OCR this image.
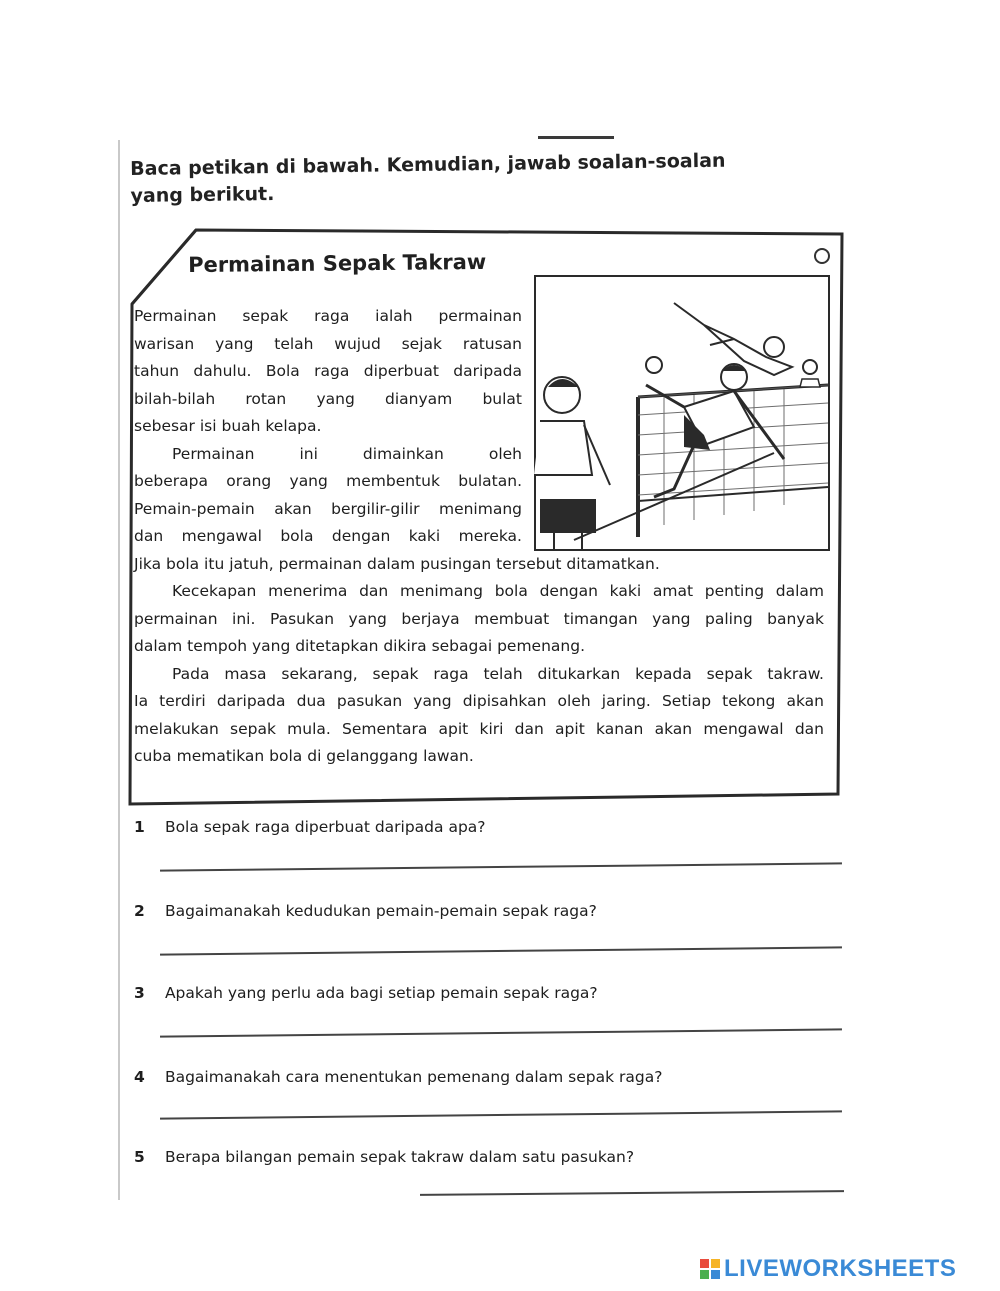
Baca petikan di bawah. Kemudian, jawab soalan-soalan
yang berikut.
Permainan Sepak Takraw
Permainan sepak raga ialah permainan
warisan yang telah wujud sejak ratusan
tahun dahulu. Bola raga diperbuat daripada
bilah-bilah rotan yang dianyam bulat
sebesar isi buah kelapa.
Permainan ini dimainkan oleh
beberapa orang yang membentuk bulatan.
Pemain-pemain akan bergilir-gilir menimang
dan mengawal bola dengan kaki mereka.
Jika bola itu jatuh, permainan dalam pusingan tersebut ditamatkan.
Kecekapan menerima dan menimang bola dengan kaki amat penting dalam
permainan ini. Pasukan yang berjaya membuat timangan yang paling banyak
dalam tempoh yang ditetapkan dikira sebagai pemenang.
Pada masa sekarang, sepak raga telah ditukarkan kepada sepak takraw.
Ia terdiri daripada dua pasukan yang dipisahkan oleh jaring. Setiap tekong akan
melakukan sepak mula. Sementara apit kiri dan apit kanan akan mengawal dan
cuba mematikan bola di gelanggang lawan.
1 Bola sepak raga diperbuat daripada apa?
2 Bagaimanakah kedudukan pemain-pemain sepak raga?
3 Apakah yang perlu ada bagi setiap pemain sepak raga?
4 Bagaimanakah cara menentukan pemenang dalam sepak raga?
5 Berapa bilangan pemain sepak takraw dalam satu pasukan?
LIVEWORKSHEETS
